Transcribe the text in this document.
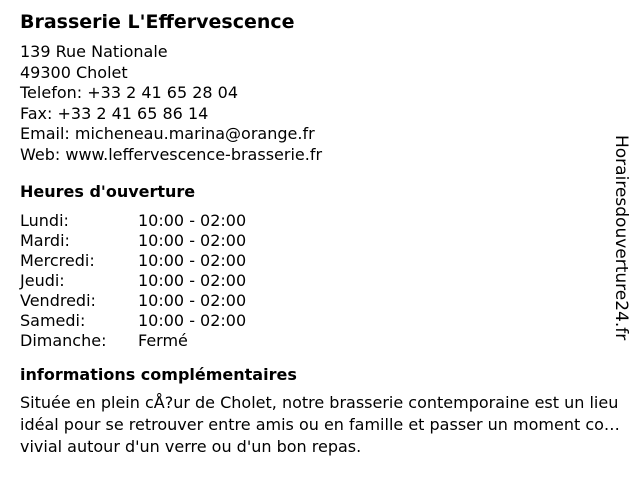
Brasserie L'Effervescence
139 Rue Nationale
49300 Cholet
Telefon: +33 2 41 65 28 04
Fax: +33 2 41 65 86 14
Email: micheneau.marina@orange.fr
Web: www.leffervescence-brasserie.fr
Heures d'ouverture
Lundi:	10:00 - 02:00
Mardi:	10:00 - 02:00
Mercredi:	10:00 - 02:00
Jeudi:	10:00 - 02:00
Vendredi:	10:00 - 02:00
Samedi:	10:00 - 02:00
Dimanche:	Fermé
informations complémentaires
Située en plein cÅ?ur de Cholet, notre brasserie contemporaine est un lieu idéal pour se retrouver entre amis ou en famille et passer un moment convivial autour d'un verre ou d'un bon repas.
Horairesdouverture24.fr
